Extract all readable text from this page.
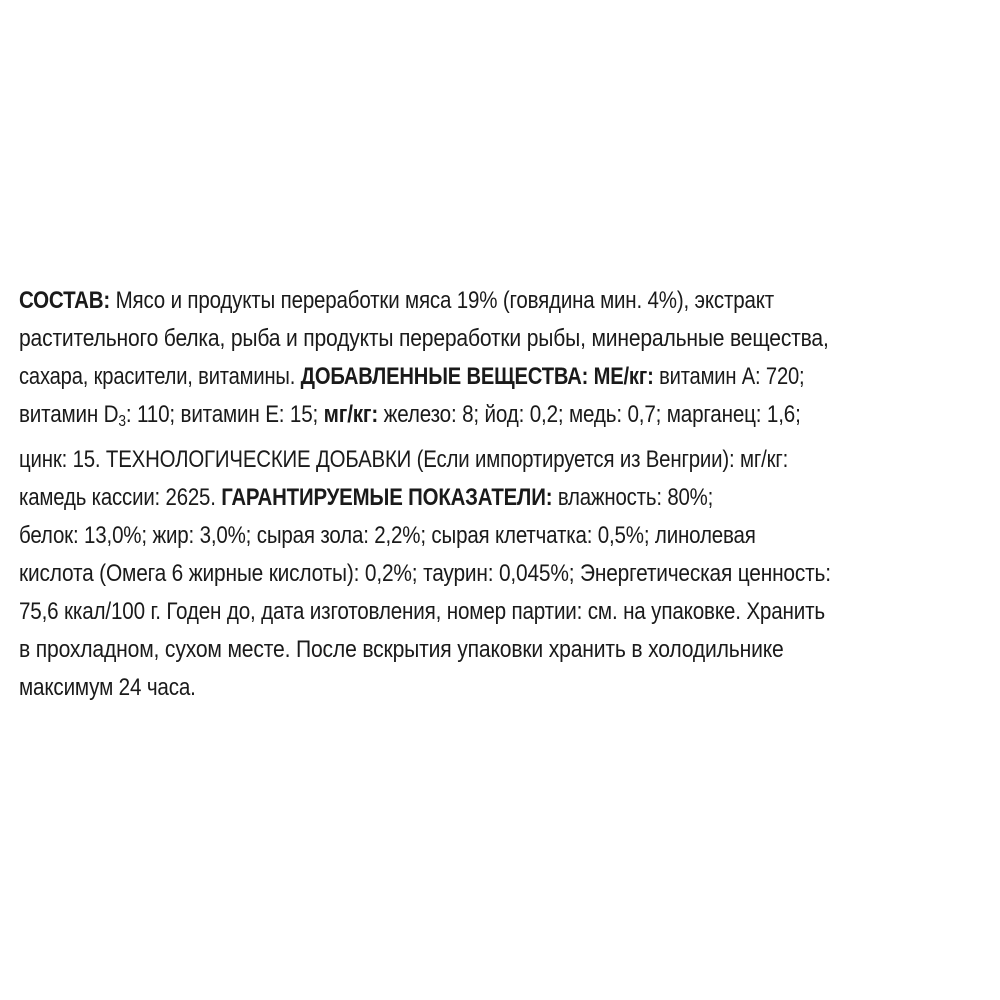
СОСТАВ: Мясо и продукты переработки мяса 19% (говядина мин. 4%), экстракт
растительного белка, рыба и продукты переработки рыбы, минеральные вещества,
сахара, красители, витамины. ДОБАВЛЕННЫЕ ВЕЩЕСТВА: МЕ/кг: витамин А: 720;
витамин $D_3$: 110; витамин Е: 15; мг/кг: железо: 8; йод: 0,2; медь: 0,7; марганец: 1,6;
цинк: 15. ТЕХНОЛОГИЧЕСКИЕ ДОБАВКИ (Если импортируется из Венгрии): мг/кг:
камедь кассии: 2625. ГАРАНТИРУЕМЫЕ ПОКАЗАТЕЛИ: влажность: 80%;
белок: 13,0%; жир: 3,0%; сырая зола: 2,2%; сырая клетчатка: 0,5%; линолевая
кислота (Омега 6 жирные кислоты): 0,2%; таурин: 0,045%; Энергетическая ценность:
75,6 ккал/100 г. Годен до, дата изготовления, номер партии: см. на упаковке. Хранить
в прохладном, сухом месте. После вскрытия упаковки хранить в холодильнике
максимум 24 часа.
